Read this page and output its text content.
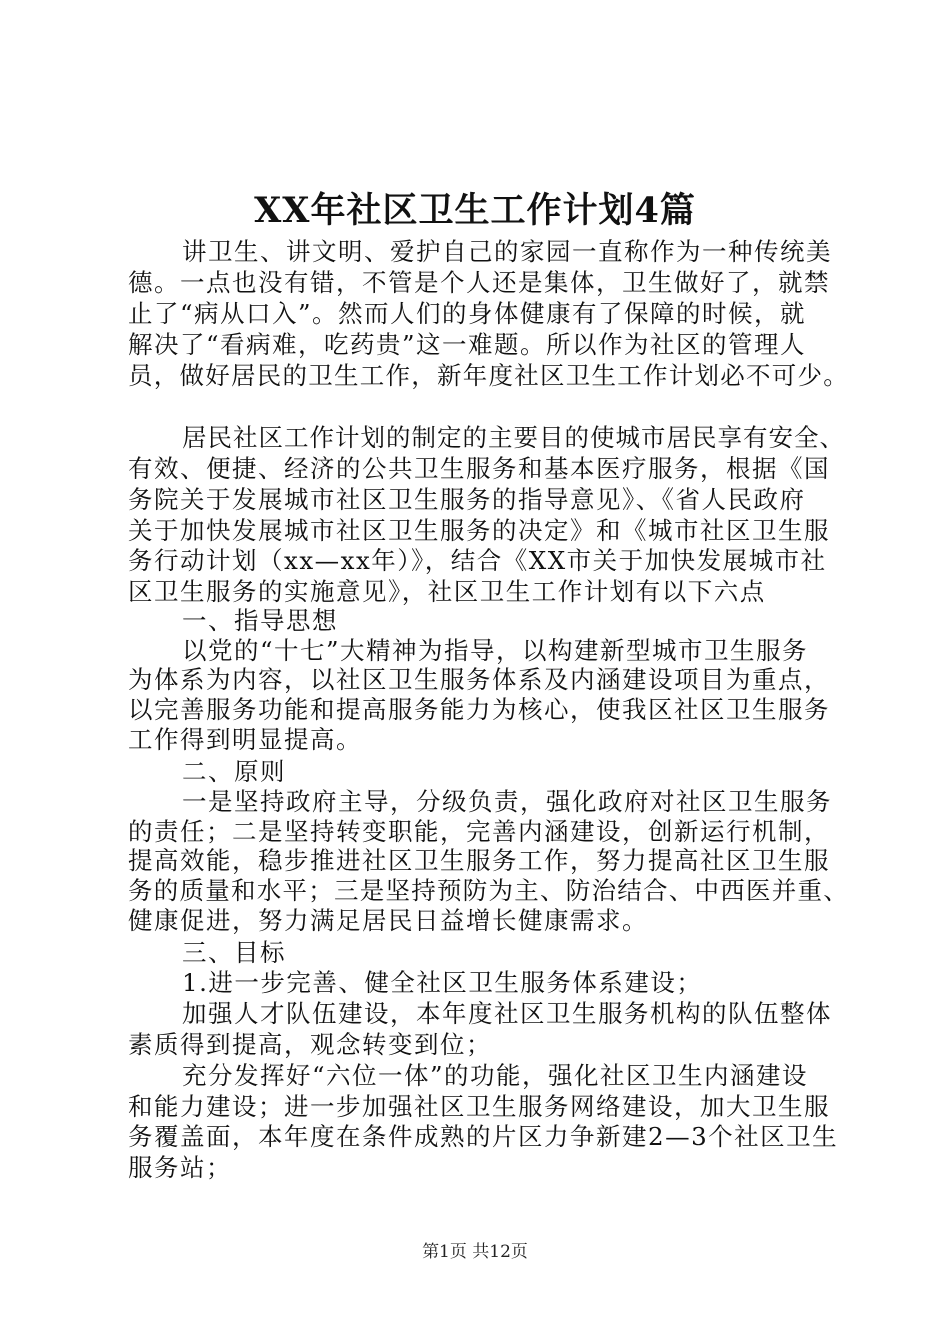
XX年社区卫生工作计划4篇
讲卫生、讲文明、爱护自己的家园一直称作为一种传统美
德。一点也没有错，不管是个人还是集体，卫生做好了，就禁
止了“病从口入”。然而人们的身体健康有了保障的时候，就
解决了“看病难，吃药贵”这一难题。所以作为社区的管理人
员，做好居民的卫生工作，新年度社区卫生工作计划必不可少。
居民社区工作计划的制定的主要目的使城市居民享有安全、
有效、便捷、经济的公共卫生服务和基本医疗服务，根据《国
务院关于发展城市社区卫生服务的指导意见》、《省人民政府
关于加快发展城市社区卫生服务的决定》和《城市社区卫生服
务行动计划（xx—xx年）》，结合《XX市关于加快发展城市社
区卫生服务的实施意见》，社区卫生工作计划有以下六点
一、指导思想
以党的“十七”大精神为指导，以构建新型城市卫生服务
为体系为内容，以社区卫生服务体系及内涵建设项目为重点，
以完善服务功能和提高服务能力为核心，使我区社区卫生服务
工作得到明显提高。
二、原则
一是坚持政府主导，分级负责，强化政府对社区卫生服务
的责任；二是坚持转变职能，完善内涵建设，创新运行机制，
提高效能，稳步推进社区卫生服务工作，努力提高社区卫生服
务的质量和水平；三是坚持预防为主、防治结合、中西医并重、
健康促进，努力满足居民日益增长健康需求。
三、目标
1.进一步完善、健全社区卫生服务体系建设；
加强人才队伍建设，本年度社区卫生服务机构的队伍整体
素质得到提高，观念转变到位；
充分发挥好“六位一体”的功能，强化社区卫生内涵建设
和能力建设；进一步加强社区卫生服务网络建设，加大卫生服
务覆盖面，本年度在条件成熟的片区力争新建2—3个社区卫生
服务站；
第1页 共12页
